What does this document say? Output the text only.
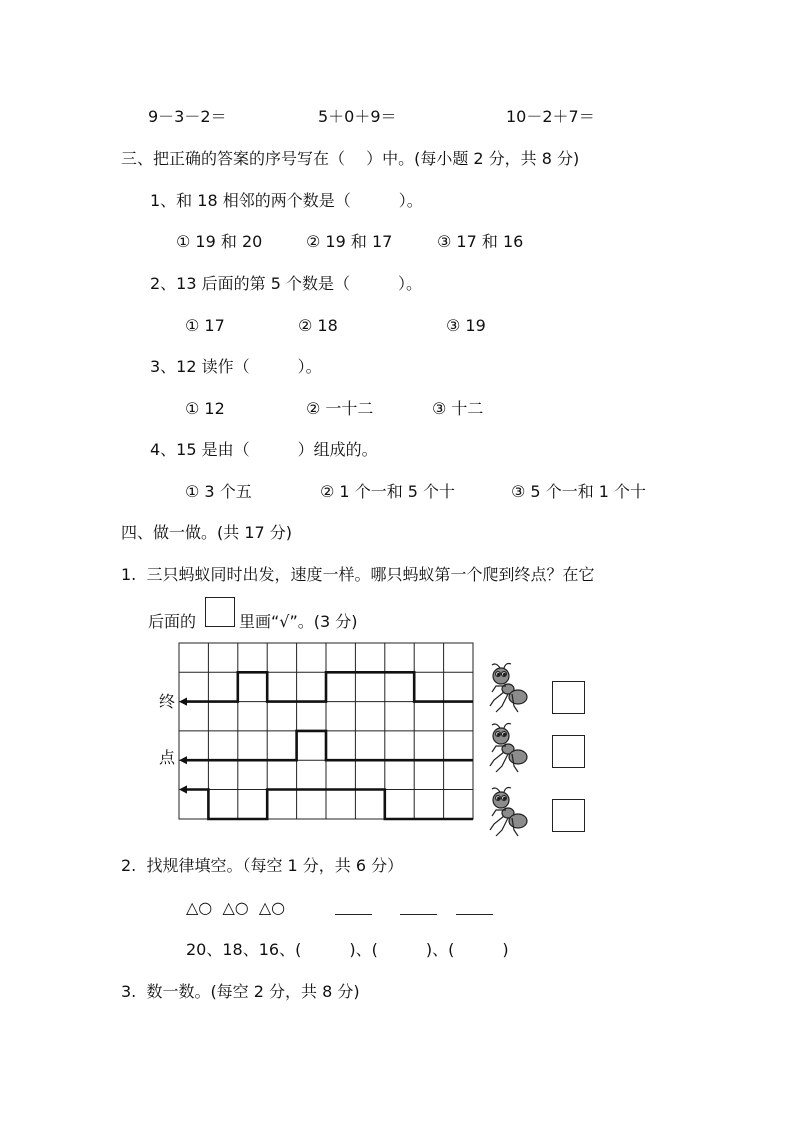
9－3－2＝	5＋0＋9＝	10－2＋7＝
三、把正确的答案的序号写在（　 ）中。(每小题 2 分，共 8 分)
1、和 18 相邻的两个数是（　　　）。
① 19 和 20	② 19 和 17	③ 17 和 16
2、13 后面的第 5 个数是（　　　）。
① 17	② 18	③ 19
3、12 读作（　　　）。
① 12	② 一十二	③ 十二
4、15 是由（　　　）组成的。
① 3 个五	② 1 个一和 5 个十	③ 5 个一和 1 个十
四、做一做。(共 17 分)
1.  三只蚂蚁同时出发，速度一样。哪只蚂蚁第一个爬到终点？在它
后面的	里画“√”。(3 分)
终
点
2.  找规律填空。（每空 1 分，共 6 分）
△○  △○  △○
20、18、16、(　　　)、(　　　)、(　　　)
3.  数一数。(每空 2 分，共 8 分)
